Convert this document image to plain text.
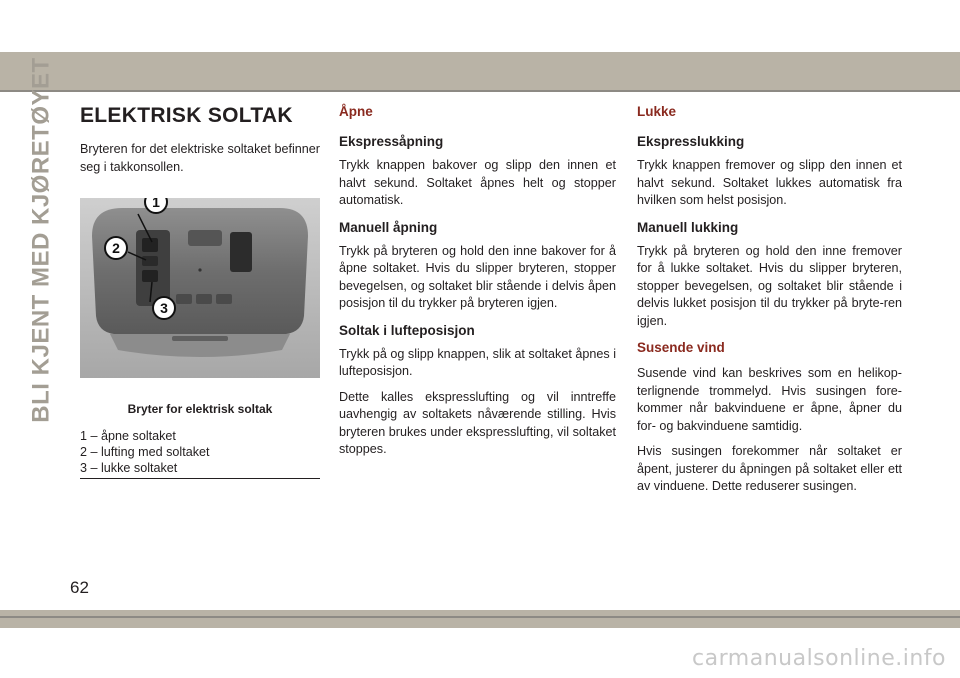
BLI KJENT MED KJØRETØYET ELEKTRISK SOLTAK

Bryteren for det elektriske soltaket befinner seg i takkonsollen.

1
2
3
Bryter for elektrisk soltak
1 – åpne soltaket
2 – lufting med soltaket
3 – lukke soltaket
Åpne
Ekspressåpning

Trykk knappen bakover og slipp den innen et halvt sekund. Soltaket åpnes helt og stopper automatisk.

Manuell åpning

Trykk på bryteren og hold den inne bakover for å åpne soltaket. Hvis du slipper bryteren, stopper bevegelsen, og soltaket blir stående i delvis åpen posisjon til du trykker på bryteren igjen.

Soltak i lufteposisjon

Trykk på og slipp knappen, slik at soltaket åpnes i lufteposisjon.

Dette kalles ekspresslufting og vil inntreffe uavhengig av soltakets nåværende stilling. Hvis bryteren brukes under ekspresslufting, vil soltaket stoppes.

Lukke
Ekspresslukking

Trykk knappen fremover og slipp den innen et halvt sekund. Soltaket lukkes automatisk fra hvilken som helst posisjon.

Manuell lukking

Trykk på bryteren og hold den inne fremover for å lukke soltaket. Hvis du slipper bryteren, stopper bevegelsen, og soltaket blir stående i delvis lukket posisjon til du trykker på bryte-ren igjen.

Susende vind

Susende vind kan beskrives som en helikop-terlignende trommelyd. Hvis susingen fore-kommer når bakvinduene er åpne, åpner du for- og bakvinduene samtidig.

Hvis susingen forekommer når soltaket er åpent, justerer du åpningen på soltaket eller ett av vinduene. Dette reduserer susingen.

62
carmanualsonline.info
